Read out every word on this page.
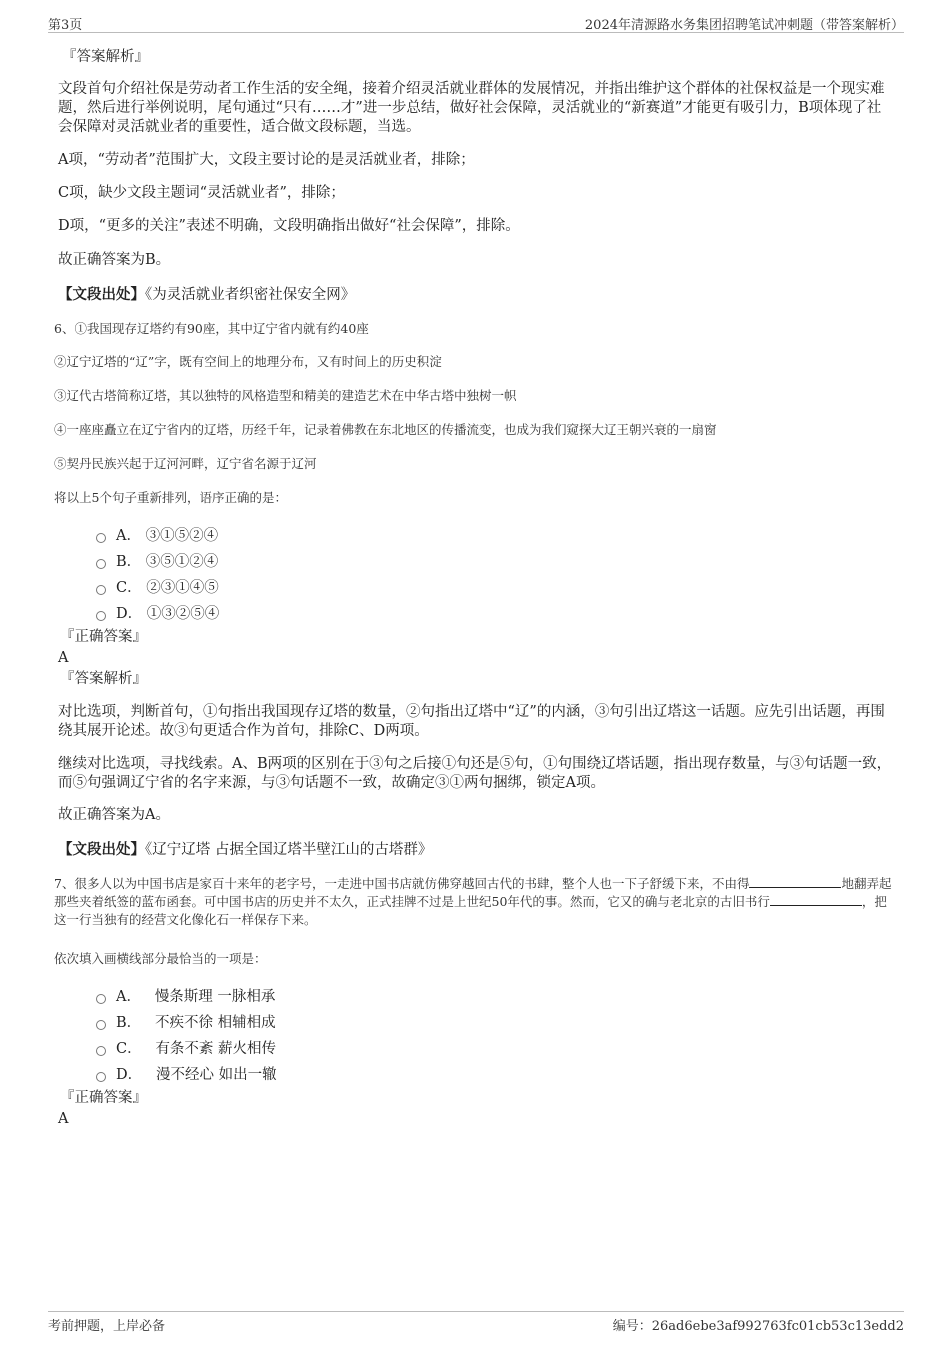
第3页	2024年清源路水务集团招聘笔试冲刺题（带答案解析）
『答案解析』
文段首句介绍社保是劳动者工作生活的安全绳，接着介绍灵活就业群体的发展情况，并指出维护这个群体的社保权益是一个现实难题，然后进行举例说明，尾句通过“只有……才”进一步总结，做好社会保障，灵活就业的“新赛道”才能更有吸引力，B项体现了社会保障对灵活就业者的重要性，适合做文段标题，当选。
A项，“劳动者”范围扩大，文段主要讨论的是灵活就业者，排除；
C项，缺少文段主题词“灵活就业者”，排除；
D项，“更多的关注”表述不明确，文段明确指出做好“社会保障”，排除。
故正确答案为B。
【文段出处】《为灵活就业者织密社保安全网》
6、①我国现存辽塔约有90座，其中辽宁省内就有约40座
②辽宁辽塔的“辽”字，既有空间上的地理分布，又有时间上的历史积淀
③辽代古塔简称辽塔，其以独特的风格造型和精美的建造艺术在中华古塔中独树一帜
④一座座矗立在辽宁省内的辽塔，历经千年，记录着佛教在东北地区的传播流变，也成为我们窥探大辽王朝兴衰的一扇窗
⑤契丹民族兴起于辽河河畔，辽宁省名源于辽河
将以上5个句子重新排列，语序正确的是：
A． ③①⑤②④
B． ③⑤①②④
C． ②③①④⑤
D． ①③②⑤④
『正确答案』
A
『答案解析』
对比选项，判断首句，①句指出我国现存辽塔的数量，②句指出辽塔中“辽”的内涵，③句引出辽塔这一话题。应先引出话题，再围绕其展开论述。故③句更适合作为首句，排除C、D两项。
继续对比选项，寻找线索。A、B两项的区别在于③句之后接①句还是⑤句，①句围绕辽塔话题，指出现存数量，与③句话题一致，而⑤句强调辽宁省的名字来源，与③句话题不一致，故确定③①两句捆绑，锁定A项。
故正确答案为A。
【文段出处】《辽宁辽塔 占据全国辽塔半壁江山的古塔群》
7、很多人以为中国书店是家百十来年的老字号，一走进中国书店就仿佛穿越回古代的书肆，整个人也一下子舒缓下来，不由得	地翻弄起那些夹着纸签的蓝布函套。可中国书店的历史并不太久，正式挂牌不过是上世纪50年代的事。然而，它又的确与老北京的古旧书行	，把这一行当独有的经营文化像化石一样保存下来。
依次填入画横线部分最恰当的一项是：
A． 慢条斯理 一脉相承
B． 不疾不徐 相辅相成
C． 有条不紊 薪火相传
D． 漫不经心 如出一辙
『正确答案』
A
考前押题，上岸必备	编号：26ad6ebe3af992763fc01cb53c13edd2
